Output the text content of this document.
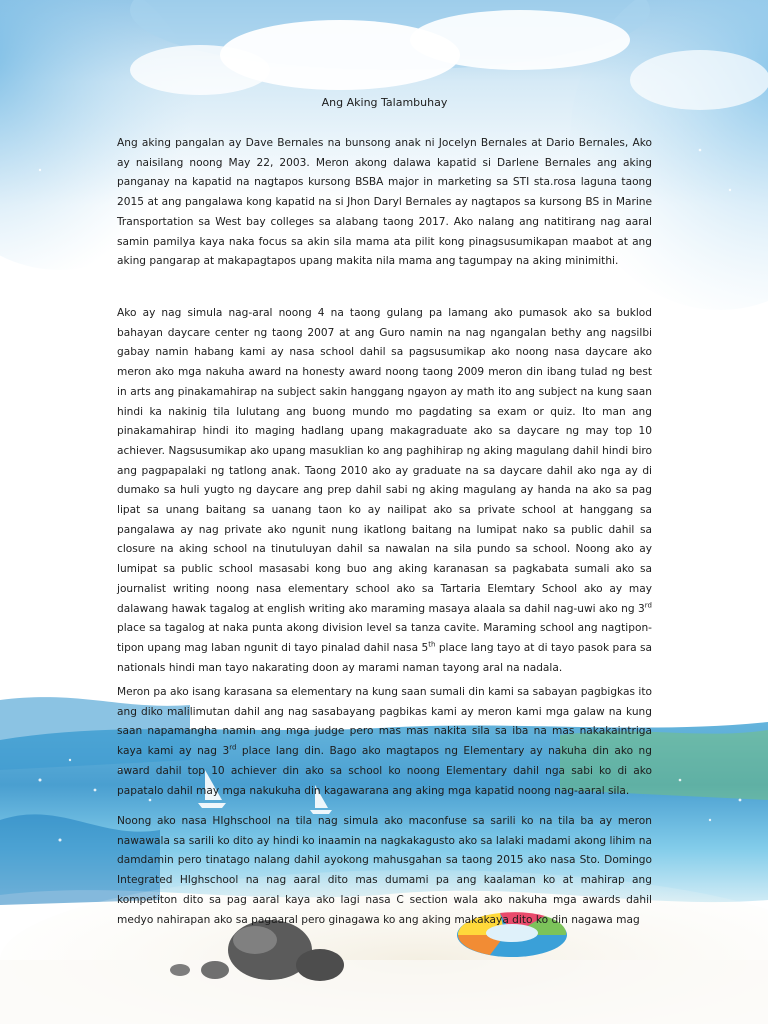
Ang Aking Talambuhay

Ang aking pangalan ay Dave Bernales na bunsong anak ni Jocelyn Bernales at Dario Bernales, Ako ay naisilang noong May 22, 2003. Meron akong dalawa kapatid si Darlene Bernales ang aking panganay na kapatid na nagtapos kursong BSBA major in marketing sa STI sta.rosa laguna taong 2015 at ang pangalawa kong kapatid na si Jhon Daryl Bernales ay nagtapos sa kursong BS in Marine Transportation sa West bay colleges sa alabang taong 2017. Ako nalang ang natitirang nag aaral samin pamilya kaya naka focus sa akin sila mama ata pilit kong pinagsusumikapan maabot at ang aking pangarap at makapagtapos upang makita nila mama ang tagumpay na aking minimithi.

Ako ay nag simula nag-aral noong 4 na taong gulang pa lamang ako pumasok ako sa buklod bahayan daycare center ng taong 2007 at ang Guro namin na nag ngangalan bethy ang nagsilbi gabay namin habang kami ay nasa school dahil sa pagsusumikap ako noong nasa daycare ako meron ako mga nakuha award na honesty award noong taong 2009 meron din ibang tulad ng best in arts ang pinakamahirap na subject sakin hanggang ngayon ay math ito ang subject na kung saan hindi ka nakinig tila lulutang ang buong mundo mo pagdating sa exam or quiz. Ito man ang pinakamahirap hindi ito maging hadlang upang makagraduate ako sa daycare ng may top 10 achiever. Nagsusumikap ako upang masuklian ko ang paghihirap ng aking magulang dahil hindi biro ang pagpapalaki ng tatlong anak. Taong 2010 ako ay graduate na sa daycare dahil ako nga ay di dumako sa huli yugto ng daycare ang prep dahil sabi ng aking magulang ay handa na ako sa pag lipat sa unang baitang sa uanang taon ko ay nailipat ako sa private school at hanggang sa pangalawa ay nag private ako ngunit nung ikatlong baitang na lumipat nako sa public dahil sa closure na aking school na tinutuluyan dahil sa nawalan na sila pundo sa school. Noong ako ay lumipat sa public school masasabi kong buo ang aking karanasan sa pagkabata sumali ako sa journalist writing noong nasa elementary school ako sa Tartaria Elemtary School ako ay may dalawang hawak tagalog at english writing ako maraming masaya alaala sa dahil nag-uwi ako ng 3rd place sa tagalog at naka punta akong division level sa tanza cavite. Maraming school ang nagtipon-tipon upang mag laban ngunit di tayo pinalad dahil nasa 5th place lang tayo at di tayo pasok para sa nationals hindi man tayo nakarating doon ay marami naman tayong aral na nadala.

Meron pa ako isang karasana sa elementary na kung saan sumali din kami sa sabayan pagbigkas ito ang diko malilimutan dahil ang nag sasabayang pagbikas kami ay meron kami mga galaw na kung saan napamangha namin ang mga judge pero mas mas nakita sila sa iba na mas nakakaintriga kaya kami ay nag 3rd place lang din. Bago ako magtapos ng Elementary ay nakuha din ako ng award dahil top 10 achiever din ako sa school ko noong Elementary dahil nga sabi ko di ako papatalo dahil may mga nakukuha din kagawarana ang aking mga kapatid noong nag-aaral sila.

Noong ako nasa HIghschool na tila nag simula ako maconfuse sa sarili ko na tila ba ay meron nawawala sa sarili ko dito ay hindi ko inaamin na nagkakagusto ako sa lalaki madami akong lihim na damdamin pero tinatago nalang dahil ayokong mahusgahan sa taong 2015 ako nasa Sto. Domingo Integrated HIghschool na nag aaral dito mas dumami pa ang kaalaman ko at mahirap ang kompetiton dito sa pag aaral kaya ako lagi nasa C section wala ako nakuha mga awards dahil medyo nahirapan ako sa pagaaral pero ginagawa ko ang aking makakaya dito ko din nagawa mag
